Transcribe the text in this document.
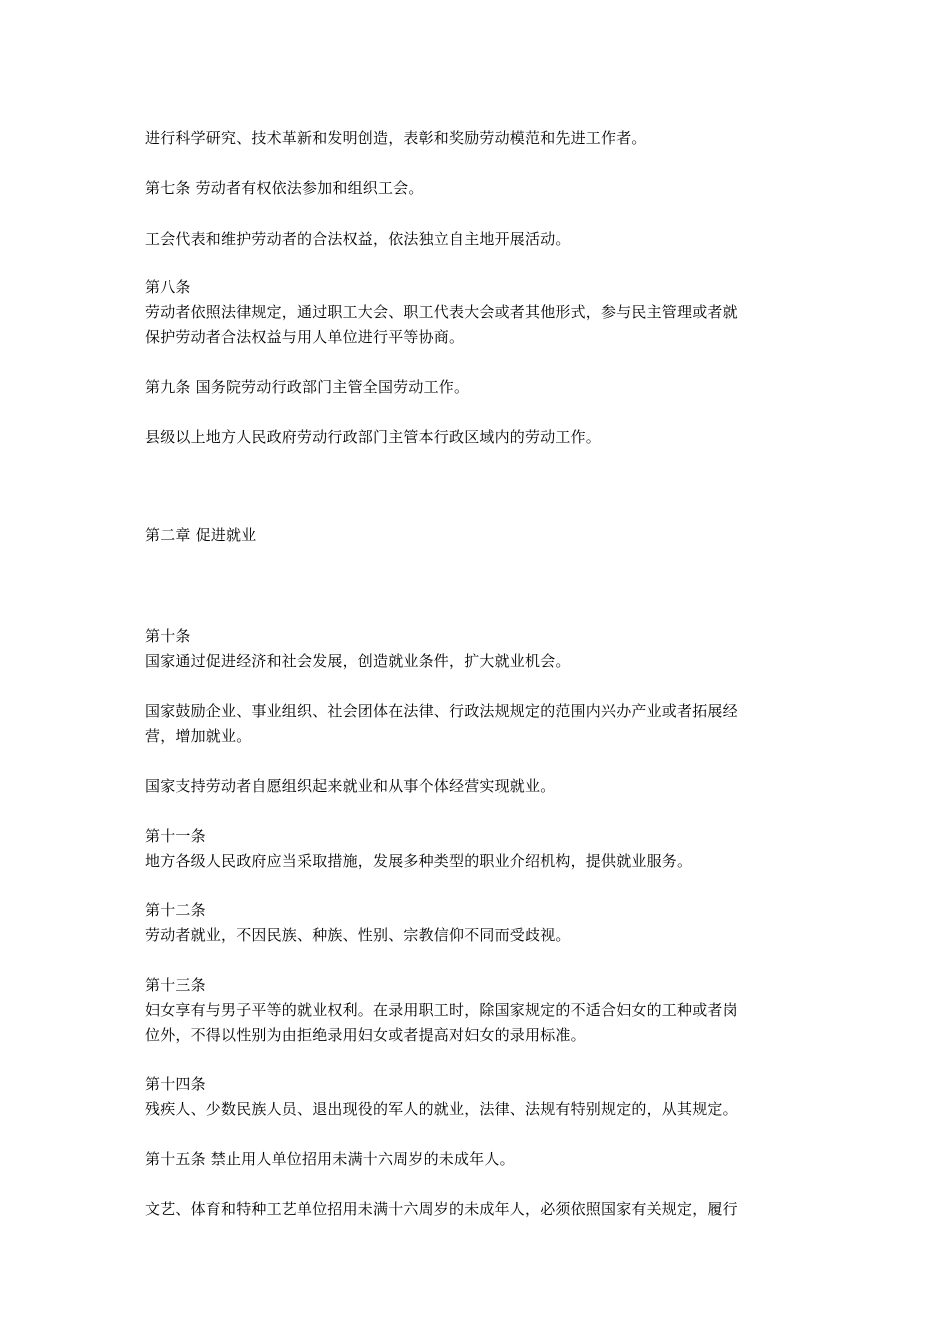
进行科学研究、技术革新和发明创造，表彰和奖励劳动模范和先进工作者。
第七条 劳动者有权依法参加和组织工会。
工会代表和维护劳动者的合法权益，依法独立自主地开展活动。
第八条
劳动者依照法律规定，通过职工大会、职工代表大会或者其他形式，参与民主管理或者就
保护劳动者合法权益与用人单位进行平等协商。
第九条 国务院劳动行政部门主管全国劳动工作。
县级以上地方人民政府劳动行政部门主管本行政区域内的劳动工作。
第二章 促进就业
第十条
国家通过促进经济和社会发展，创造就业条件，扩大就业机会。
国家鼓励企业、事业组织、社会团体在法律、行政法规规定的范围内兴办产业或者拓展经
营，增加就业。
国家支持劳动者自愿组织起来就业和从事个体经营实现就业。
第十一条
地方各级人民政府应当采取措施，发展多种类型的职业介绍机构，提供就业服务。
第十二条
劳动者就业，不因民族、种族、性别、宗教信仰不同而受歧视。
第十三条
妇女享有与男子平等的就业权利。在录用职工时，除国家规定的不适合妇女的工种或者岗
位外，不得以性别为由拒绝录用妇女或者提高对妇女的录用标准。
第十四条
残疾人、少数民族人员、退出现役的军人的就业，法律、法规有特别规定的，从其规定。
第十五条 禁止用人单位招用未满十六周岁的未成年人。
文艺、体育和特种工艺单位招用未满十六周岁的未成年人，必须依照国家有关规定，履行
